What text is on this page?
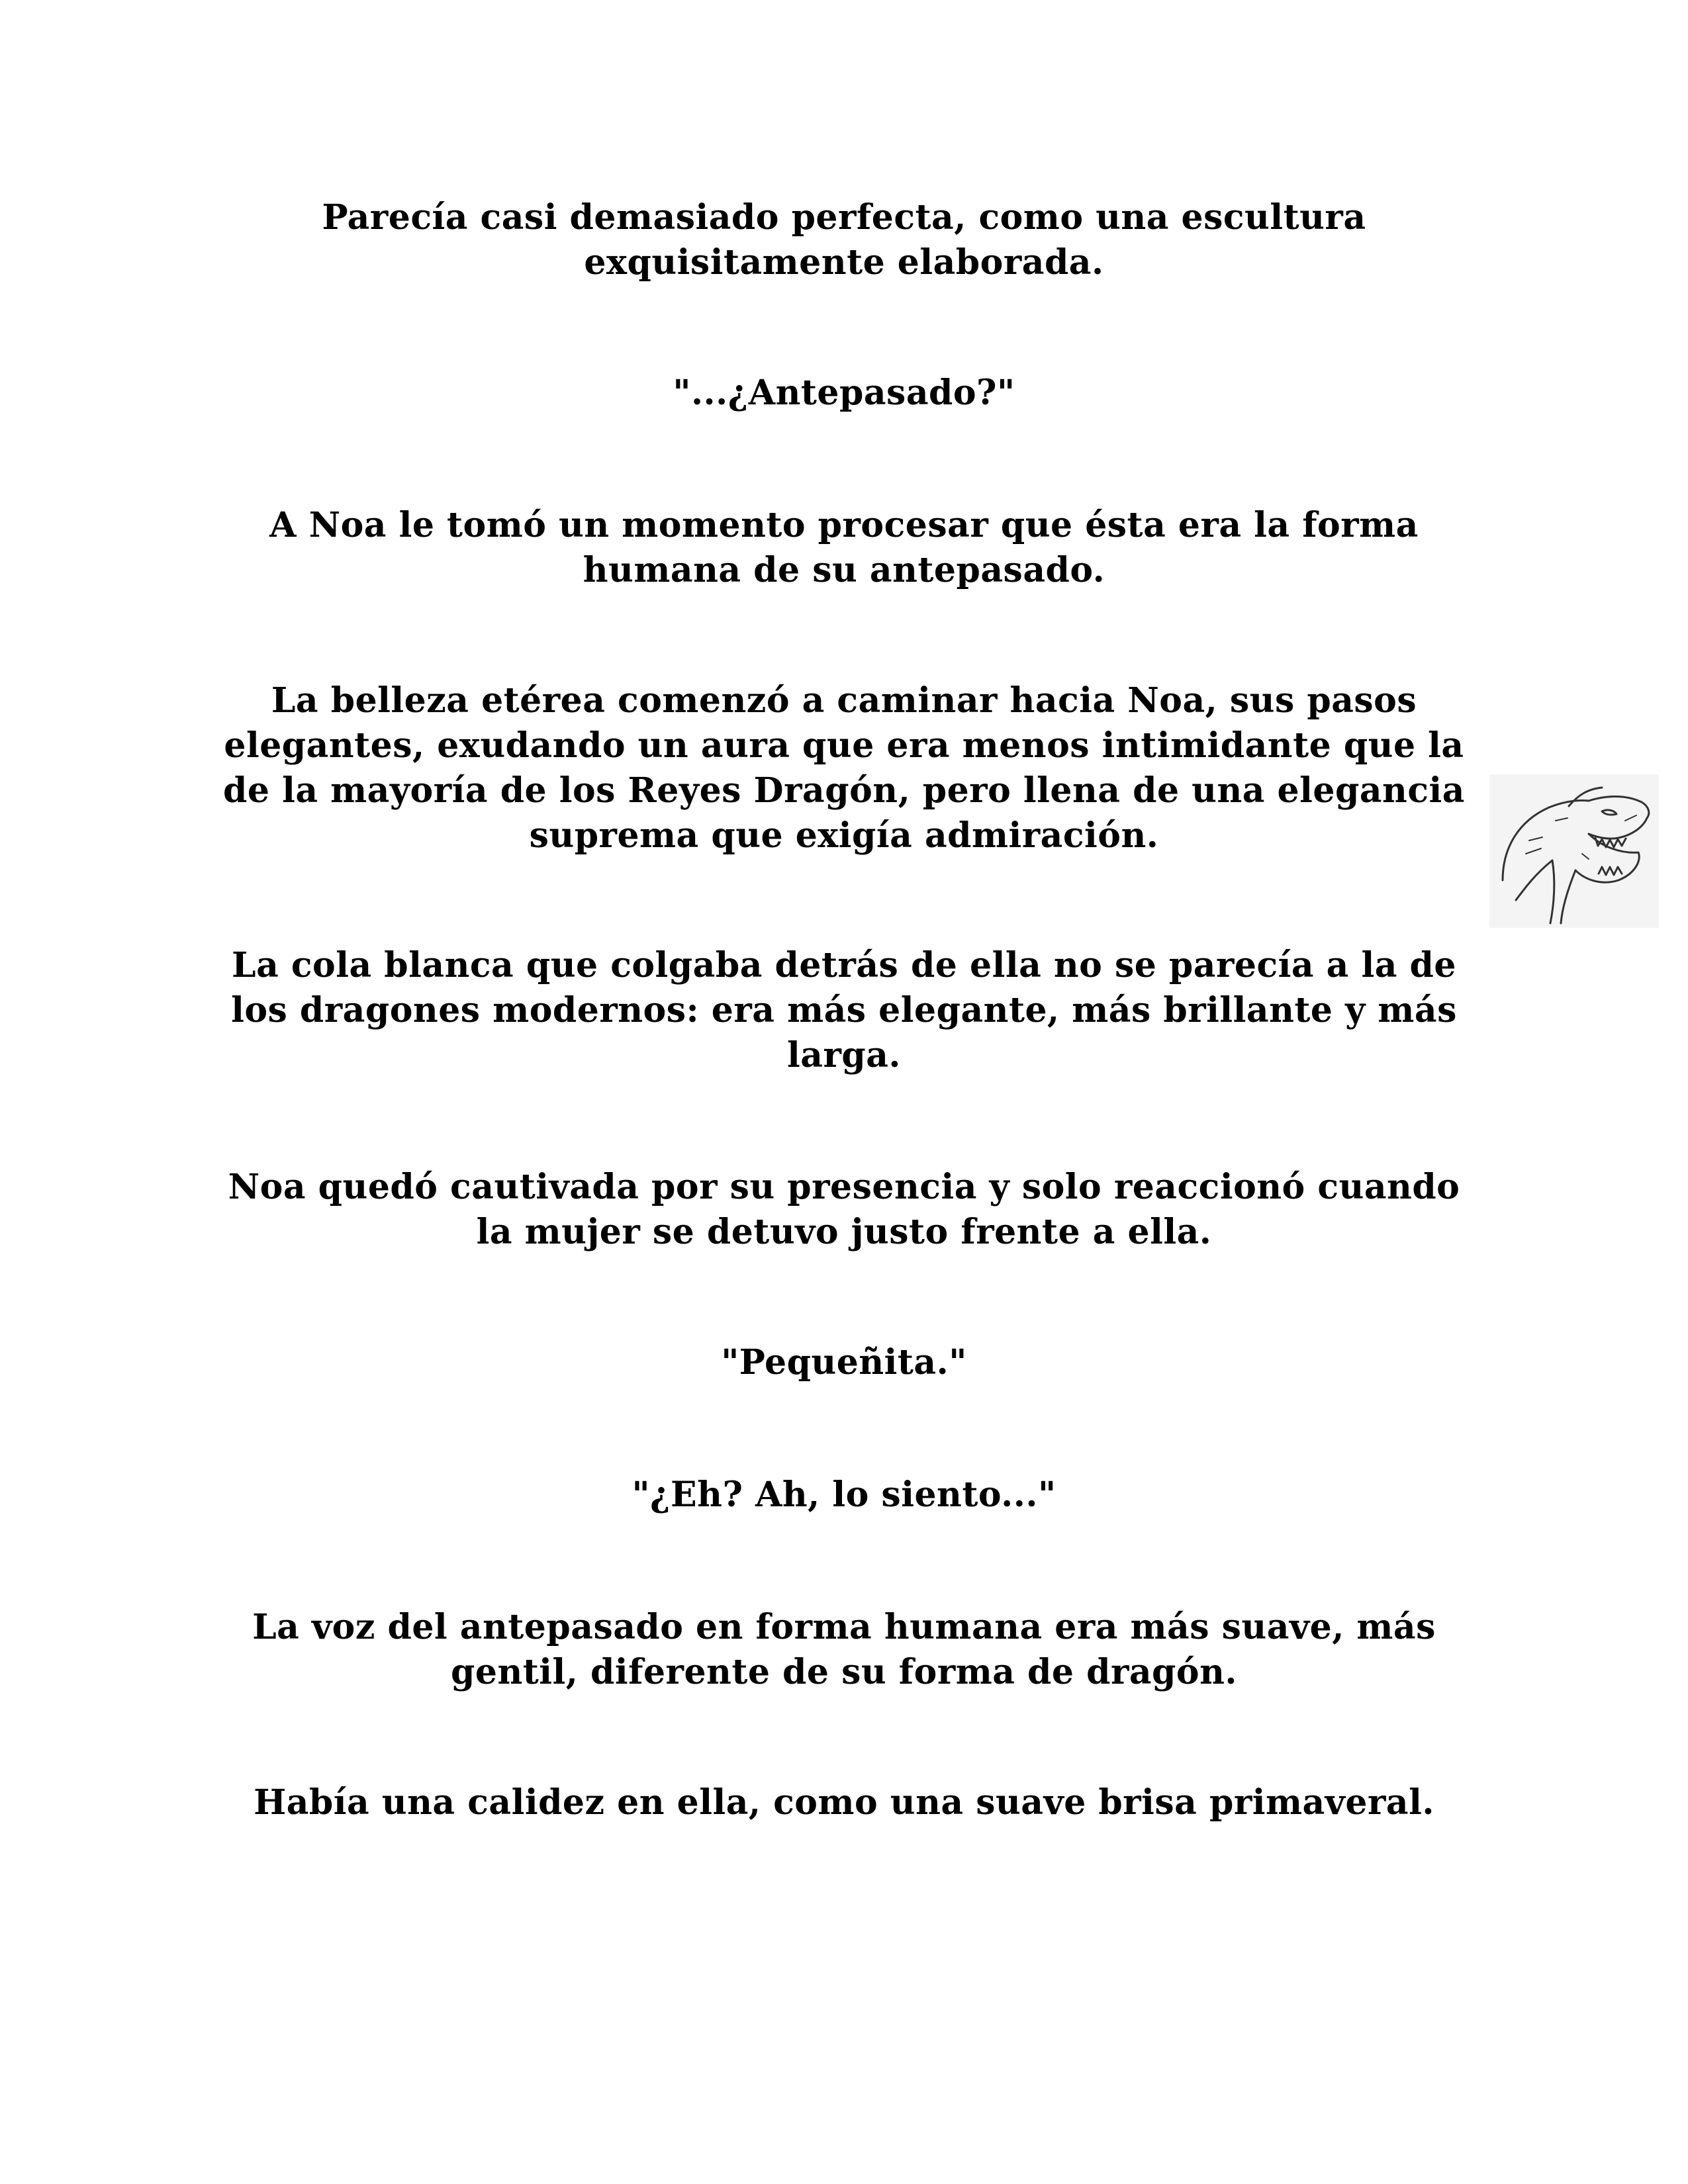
Parecía casi demasiado perfecta, como una escultura
exquisitamente elaborada.

"...¿Antepasado?"

A Noa le tomó un momento procesar que ésta era la forma
humana de su antepasado.

La belleza etérea comenzó a caminar hacia Noa, sus pasos
elegantes, exudando un aura que era menos intimidante que la
de la mayoría de los Reyes Dragón, pero llena de una elegancia
suprema que exigía admiración.

La cola blanca que colgaba detrás de ella no se parecía a la de
los dragones modernos: era más elegante, más brillante y más
larga.

Noa quedó cautivada por su presencia y solo reaccionó cuando
la mujer se detuvo justo frente a ella.

"Pequeñita."

"¿Eh? Ah, lo siento..."

La voz del antepasado en forma humana era más suave, más
gentil, diferente de su forma de dragón.

Había una calidez en ella, como una suave brisa primaveral.
